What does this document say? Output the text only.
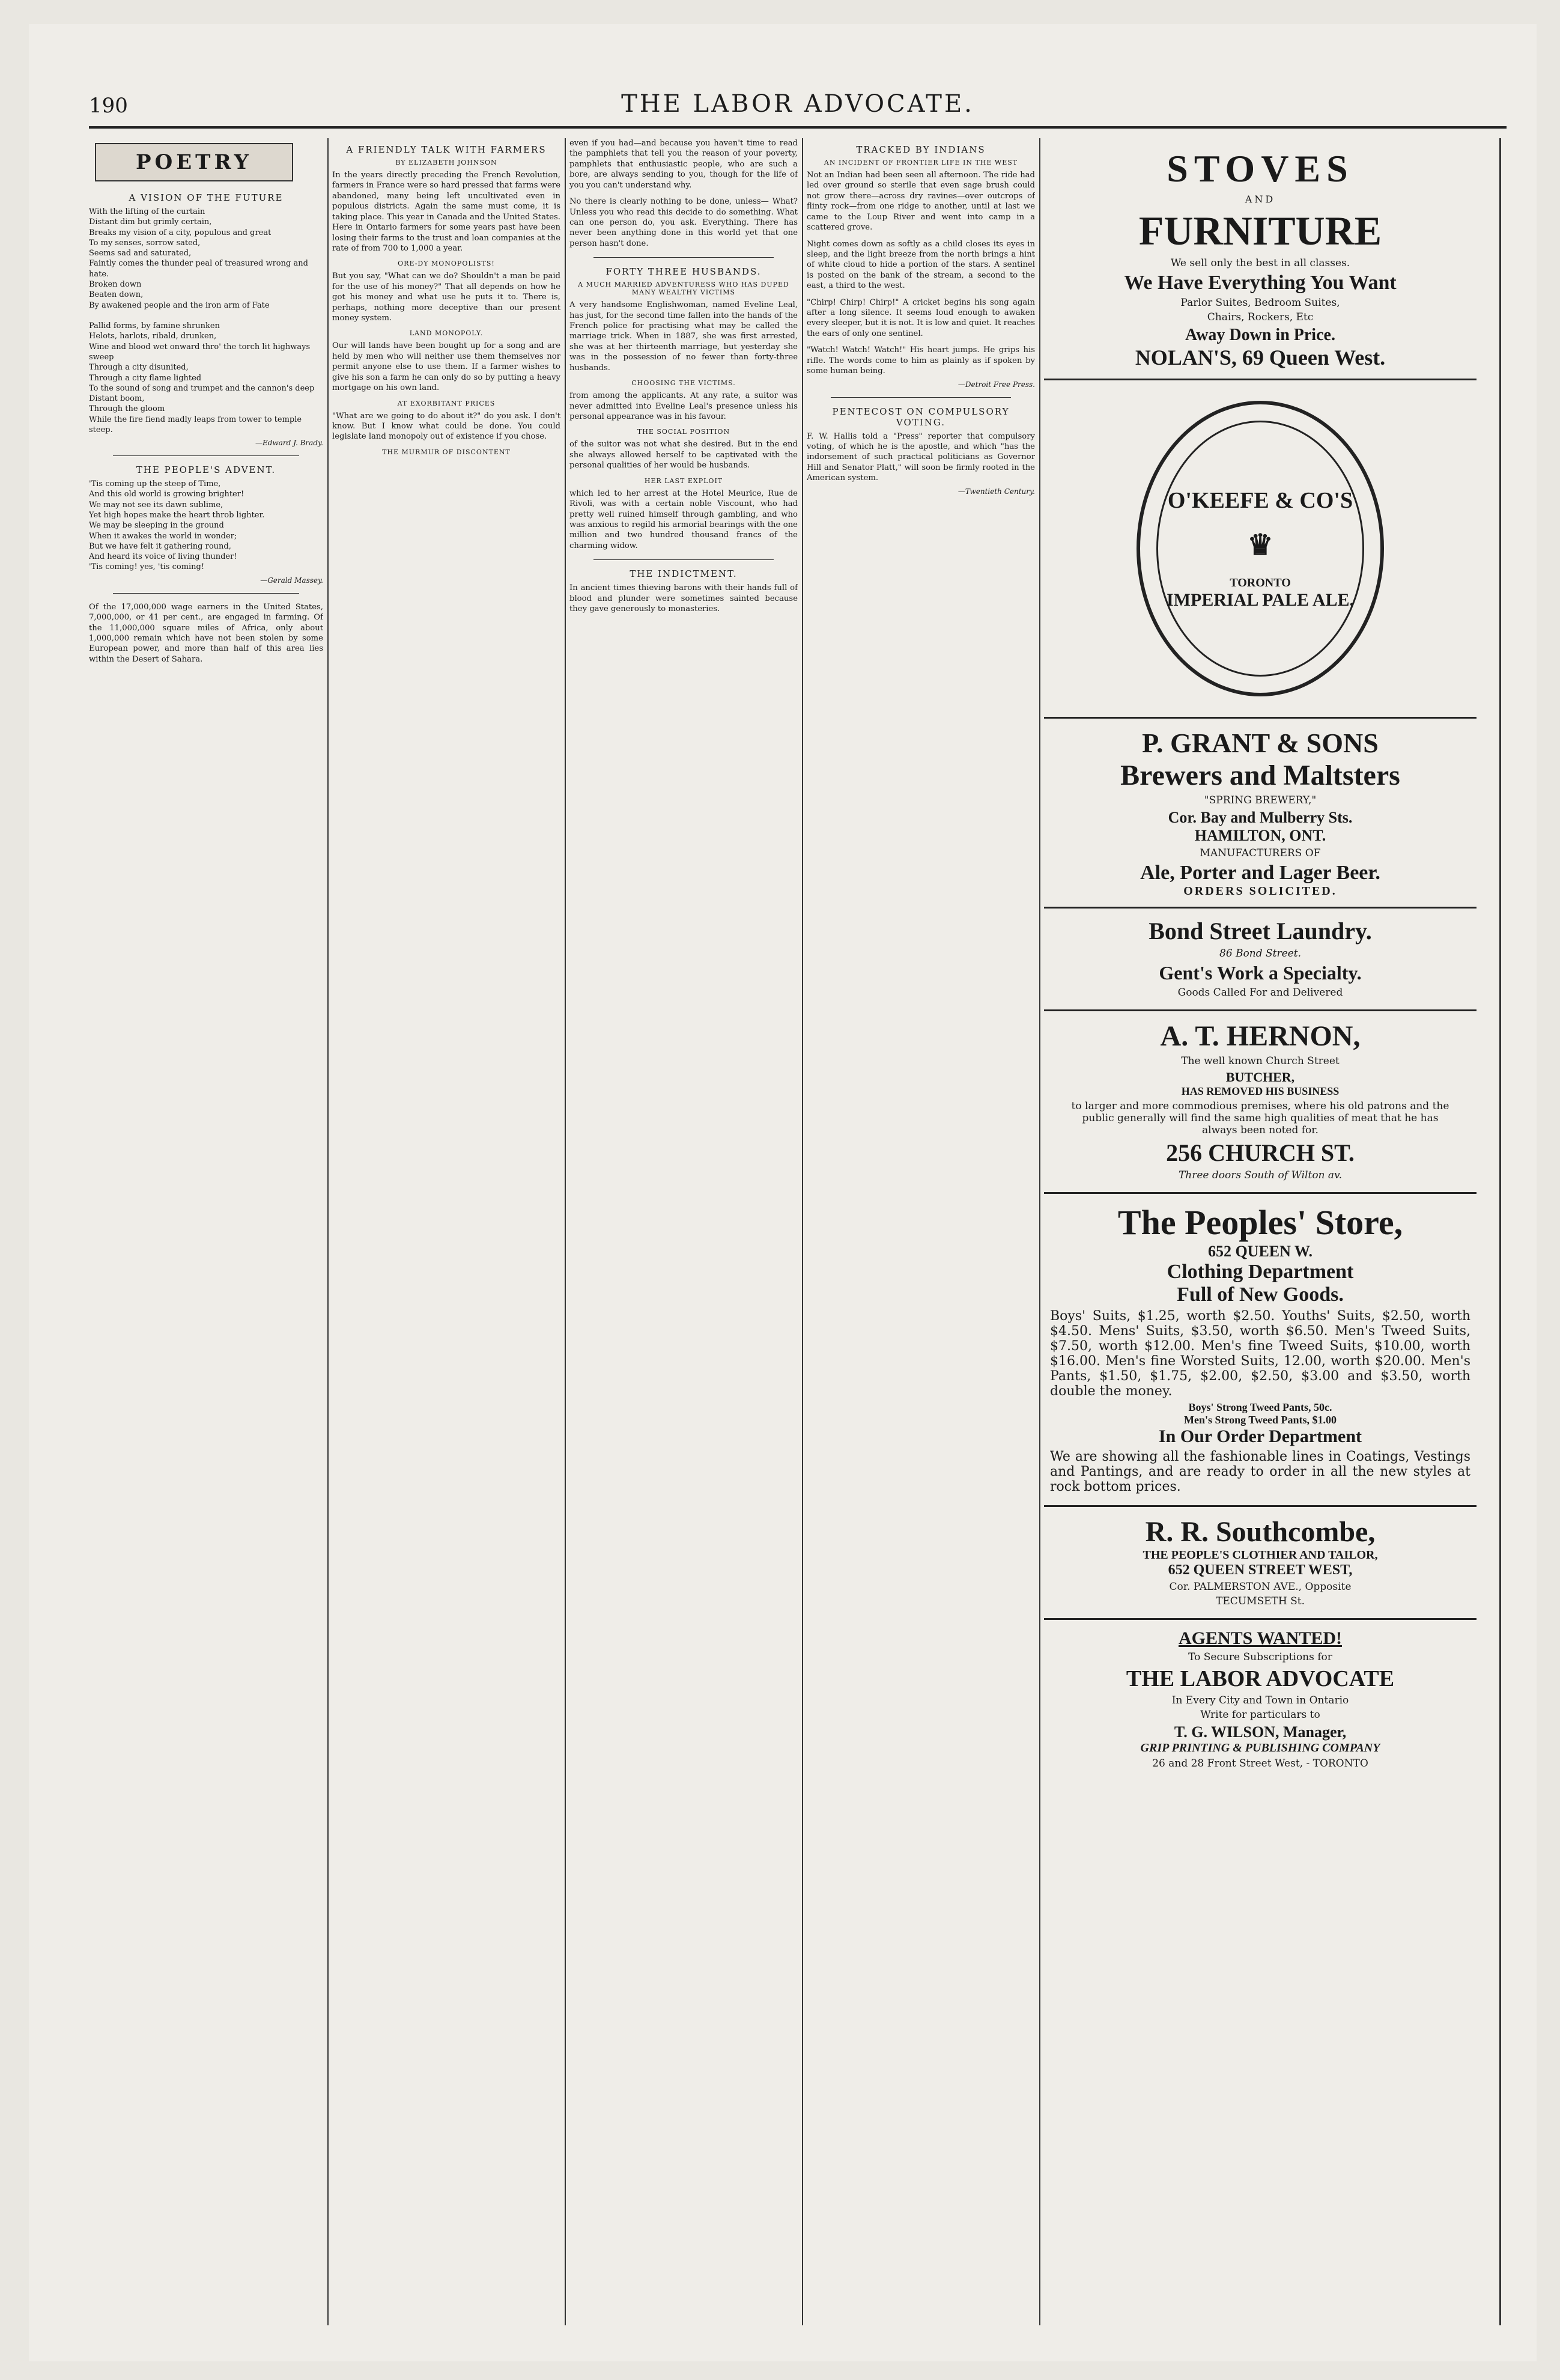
190	THE LABOR ADVOCATE.
POETRY
A VISION OF THE FUTURE
With the lifting of the curtain
Distant dim but grimly certain,
Breaks my vision of a city, populous and great
To my senses, sorrow sated,
Seems sad and saturated,
Faintly comes the thunder peal of treasured wrong and hate.
Broken down
Beaten down,
By awakened people and the iron arm of Fate

Pallid forms, by famine shrunken
Helots, harlots, ribald, drunken,
Wine and blood wet onward thro' the torch lit highways sweep
Through a city disunited,
Through a city flame lighted
To the sound of song and trumpet and the cannon's deep
Distant boom,
Through the gloom
While the fire fiend madly leaps from tower to temple steep.
—Edward J. Brady.
THE PEOPLE'S ADVENT.
'Tis coming up the steep of Time,
And this old world is growing brighter!
We may not see its dawn sublime,
Yet high hopes make the heart throb lighter.
We may be sleeping in the ground
When it awakes the world in wonder;
But we have felt it gathering round,
And heard its voice of living thunder!
'Tis coming! yes, 'tis coming!
—Gerald Massey.
Of the 17,000,000 wage earners in the United States, 7,000,000, or 41 per cent., are engaged in farming. Of the 11,000,000 square miles of Africa, only about 1,000,000 remain which have not been stolen by some European power, and more than half of this area lies within the Desert of Sahara.
A FRIENDLY TALK WITH FARMERS
BY ELIZABETH JOHNSON
In the years directly preceding the French Revolution, farmers in France were so hard pressed that farms were abandoned, many being left uncultivated even in populous districts. Again the same must come, it is taking place. This year in Canada and the United States. Here in Ontario farmers for some years past have been losing their farms to the trust and loan companies at the rate of from 700 to 1,000 a year.
ORE-DY MONOPOLISTS!
But you say, "What can we do? Shouldn't a man be paid for the use of his money?" That all depends on how he got his money and what use he puts it to. There is, perhaps, nothing more deceptive than our present money system.
LAND MONOPOLY.
Our will lands have been bought up for a song and are held by men who will neither use them themselves nor permit anyone else to use them. If a farmer wishes to give his son a farm he can only do so by putting a heavy mortgage on his own land.
AT EXORBITANT PRICES
"What are we going to do about it?" do you ask. I don't know. But I know what could be done. You could legislate land monopoly out of existence if you chose.
THE MURMUR OF DISCONTENT
even if you had—and because you haven't time to read the pamphlets that tell you the reason of your poverty, pamphlets that enthusiastic people, who are such a bore, are always sending to you, though for the life of you you can't understand why.
No there is clearly nothing to be done, unless— What? Unless you who read this decide to do something. What can one person do, you ask. Everything. There has never been anything done in this world yet that one person hasn't done.
FORTY THREE HUSBANDS.
A MUCH MARRIED ADVENTURESS WHO HAS DUPED MANY WEALTHY VICTIMS
A very handsome Englishwoman, named Eveline Leal, has just, for the second time fallen into the hands of the French police for practising what may be called the marriage trick. When in 1887, she was first arrested, she was at her thirteenth marriage, but yesterday she was in the possession of no fewer than forty-three husbands.
CHOOSING THE VICTIMS.
from among the applicants. At any rate, a suitor was never admitted into Eveline Leal's presence unless his personal appearance was in his favour.
THE SOCIAL POSITION
of the suitor was not what she desired. But in the end she always allowed herself to be captivated with the personal qualities of her would be husbands.
HER LAST EXPLOIT
which led to her arrest at the Hotel Meurice, Rue de Rivoli, was with a certain noble Viscount, who had pretty well ruined himself through gambling, and who was anxious to regild his armorial bearings with the one million and two hundred thousand francs of the charming widow.
THE INDICTMENT.
In ancient times thieving barons with their hands full of blood and plunder were sometimes sainted because they gave generously to monasteries.
TRACKED BY INDIANS
AN INCIDENT OF FRONTIER LIFE IN THE WEST
Not an Indian had been seen all afternoon. The ride had led over ground so sterile that even sage brush could not grow there—across dry ravines—over outcrops of flinty rock—from one ridge to another, until at last we came to the Loup River and went into camp in a scattered grove.
Night comes down as softly as a child closes its eyes in sleep, and the light breeze from the north brings a hint of white cloud to hide a portion of the stars. A sentinel is posted on the bank of the stream, a second to the east, a third to the west.
"Chirp! Chirp! Chirp!" A cricket begins his song again after a long silence. It seems loud enough to awaken every sleeper, but it is not. It is low and quiet. It reaches the ears of only one sentinel.
"Watch! Watch! Watch!" His heart jumps. He grips his rifle. The words come to him as plainly as if spoken by some human being.
—Detroit Free Press.
PENTECOST ON COMPULSORY VOTING.
F. W. Hallis told a "Press" reporter that compulsory voting, of which he is the apostle, and which "has the indorsement of such practical politicians as Governor Hill and Senator Platt," will soon be firmly rooted in the American system.
—Twentieth Century.
STOVES
AND
FURNITURE
We sell only the best in all classes.
We Have Everything You Want
Parlor Suites, Bedroom Suites,
Chairs, Rockers, Etc
Away Down in Price.
NOLAN'S, 69 Queen West.
O'KEEFE & CO'S
♛
TORONTO
IMPERIAL PALE ALE.
P. GRANT & SONS
Brewers and Maltsters
"SPRING BREWERY,"
Cor. Bay and Mulberry Sts.
HAMILTON, ONT.
MANUFACTURERS OF
Ale, Porter and Lager Beer.
ORDERS SOLICITED.
Bond Street Laundry.
86 Bond Street.
Gent's Work a Specialty.
Goods Called For and Delivered
A. T. HERNON,
The well known Church Street
BUTCHER,
HAS REMOVED HIS BUSINESS
to larger and more commodious premises, where his old patrons and the public generally will find the same high qualities of meat that he has always been noted for.
256 CHURCH ST.
Three doors South of Wilton av.
The Peoples' Store,
652 QUEEN W.
Clothing Department
Full of New Goods.
Boys' Suits, $1.25, worth $2.50. Youths' Suits, $2.50, worth $4.50. Mens' Suits, $3.50, worth $6.50. Men's Tweed Suits, $7.50, worth $12.00. Men's fine Tweed Suits, $10.00, worth $16.00. Men's fine Worsted Suits, 12.00, worth $20.00. Men's Pants, $1.50, $1.75, $2.00, $2.50, $3.00 and $3.50, worth double the money.
Boys' Strong Tweed Pants, 50c.
Men's Strong Tweed Pants, $1.00
In Our Order Department
We are showing all the fashionable lines in Coatings, Vestings and Pantings, and are ready to order in all the new styles at rock bottom prices.
R. R. Southcombe,
THE PEOPLE'S CLOTHIER AND TAILOR,
652 QUEEN STREET WEST,
Cor. PALMERSTON AVE., Opposite
TECUMSETH St.
AGENTS WANTED!
To Secure Subscriptions for
THE LABOR ADVOCATE
In Every City and Town in Ontario
Write for particulars to
T. G. WILSON, Manager,
GRIP PRINTING & PUBLISHING COMPANY
26 and 28 Front Street West, - TORONTO
